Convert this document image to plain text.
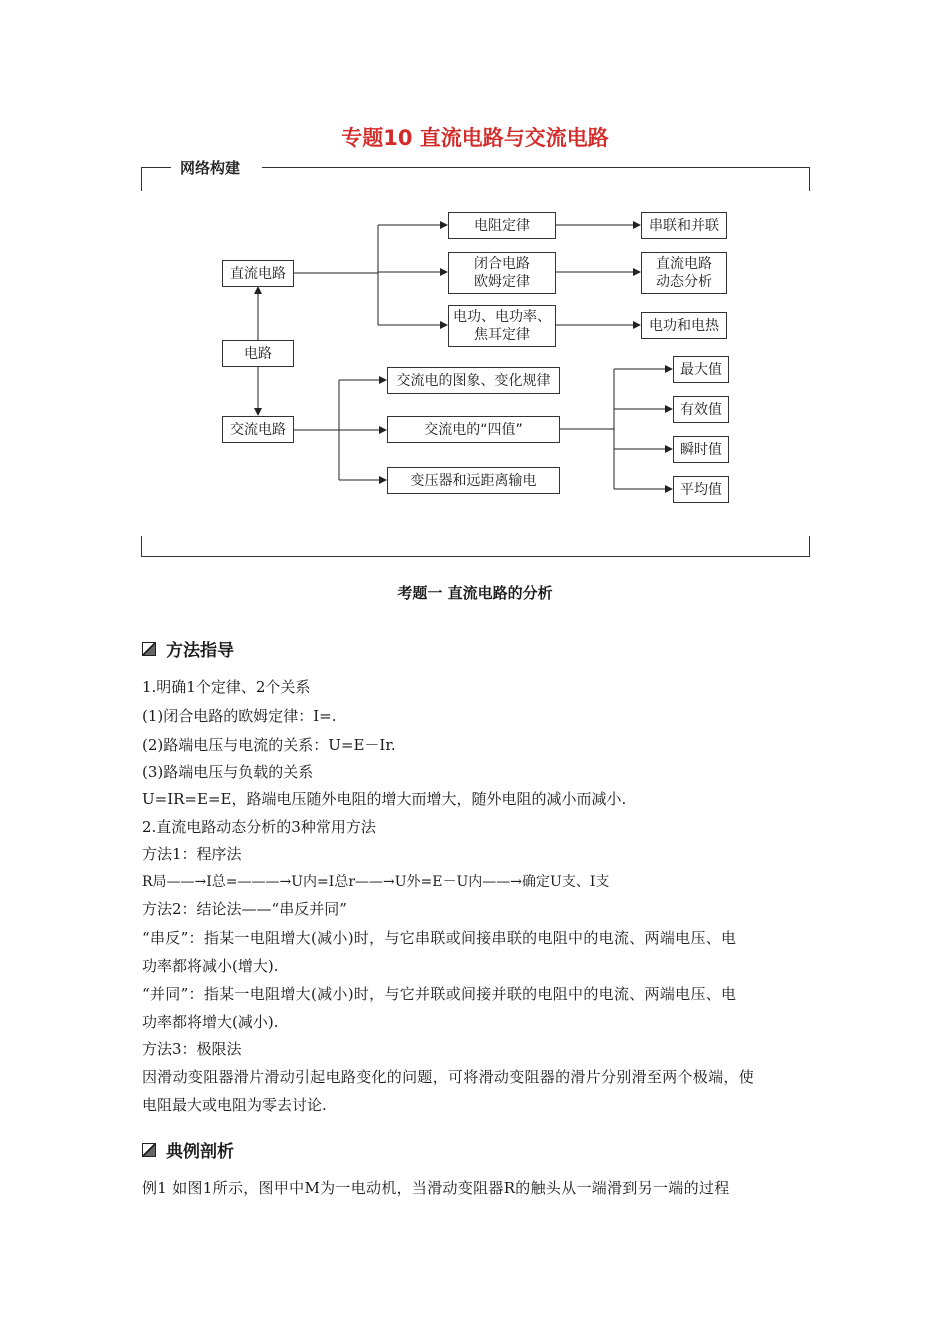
专题10 直流电路与交流电路
网络构建
直流电路
电路
交流电路
电阻定律
闭合电路
欧姆定律
电功、电功率、
焦耳定律
串联和并联
直流电路
动态分析
电功和电热
交流电的图象、变化规律
交流电的“四值”
变压器和远距离输电
最大值
有效值
瞬时值
平均值
考题一 直流电路的分析
方法指导
1.明确1个定律、2个关系
(1)闭合电路的欧姆定律：I=.
(2)路端电压与电流的关系：U=E－Ir.
(3)路端电压与负载的关系
U=IR=E=E，路端电压随外电阻的增大而增大，随外电阻的减小而减小.
2.直流电路动态分析的3种常用方法
方法1：程序法
R局——→I总=———→U内=I总r——→U外=E－U内——→确定U支、I支
方法2：结论法——“串反并同”
“串反”：指某一电阻增大(减小)时，与它串联或间接串联的电阻中的电流、两端电压、电
功率都将减小(增大).
“并同”：指某一电阻增大(减小)时，与它并联或间接并联的电阻中的电流、两端电压、电
功率都将增大(减小).
方法3：极限法
因滑动变阻器滑片滑动引起电路变化的问题，可将滑动变阻器的滑片分别滑至两个极端，使
电阻最大或电阻为零去讨论.
典例剖析
例1 如图1所示，图甲中M为一电动机，当滑动变阻器R的触头从一端滑到另一端的过程
